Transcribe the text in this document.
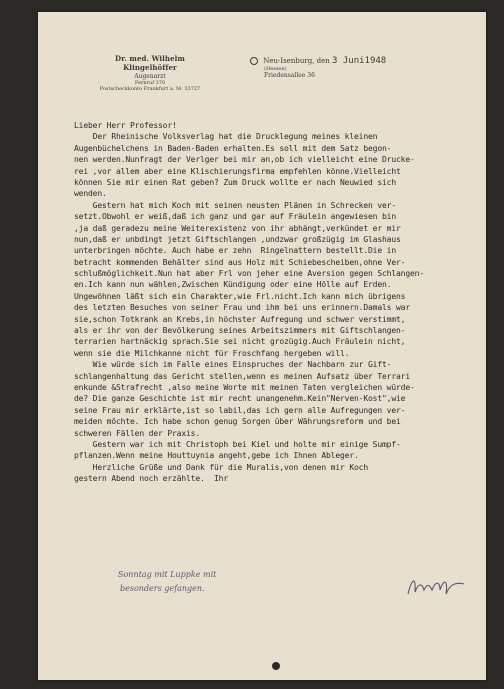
Dr. med. Wilhelm Klingelhöffer
Augenarzt
Fernruf 370
Postscheckkonto Frankfurt a. M. 33727
Neu-Isenburg, den 3 Juni1948
(Hessen)
Friedensallee 36
Lieber Herr Professor!
Der Rheinische Volksverlag hat die Drucklegung meines kleinen
Augenbüchelchens in Baden-Baden erhalten.Es soll mit dem Satz begon-
nen werden.Nunfragt der Verlger bei mir an,ob ich vielleicht eine Drucke-
rei ,vor allem aber eine Klischierungsfirma empfehlen könne.Vielleicht
können Sie mir einen Rat geben? Zum Druck wollte er nach Neuwied sich
wenden.
Gestern hat mich Koch mit seinen neusten Plänen in Schrecken ver-
setzt.Obwohl er weiß,daß ich ganz und gar auf Fräulein angewiesen bin
,ja daß geradezu meine Weiterexistenz von ihr abhängt,verkündet er mir
nun,daß er unbdingt jetzt Giftschlangen ,undzwar großzügig im Glashaus
unterbringen möchte. Auch habe er zehn  Ringelnattern bestellt.Die in
betracht kommenden Behälter sind aus Holz mit Schiebescheiben,ohne Ver-
schlußmöglichkeit.Nun hat aber Frl von jeher eine Aversion gegen Schlangen-
en.Ich kann nun wählen,Zwischen Kündigung oder eine Hölle auf Erden.
Ungewöhnen läßt sich ein Charakter,wie Frl.nicht.Ich kann mich übrigens
des letzten Besuches von seiner Frau und ihm bei uns erinnern.Damals war
sie,schon Totkrank an Krebs,in höchster Aufregung und schwer verstimmt,
als er ihr von der Bevölkerung seines Arbeitszimmers mit Giftschlangen-
terrarien hartnäckig sprach.Sie sei nicht grozügig.Auch Fräulein nicht,
wenn sie die Milchkanne nicht für Froschfang hergeben will.
Wie würde sich im Falle eines Einspruches der Nachbarn zur Gift-
schlangenhaltung das Gericht stellen,wenn es meinen Aufsatz über Terrari
enkunde &Strafrecht ,also meine Worte mit meinen Taten vergleichen würde-
de? Die ganze Geschichte ist mir recht unangenehm.Kein"Nerven-Kost",wie
seine Frau mir erklärte,ist so labil,das ich gern alle Aufregungen ver-
meiden möchte. Ich habe schon genug Sorgen über Währungsreform und bei
schweren Fällen der Praxis.
Gestern war ich mit Christoph bei Kiel und holte mir einige Sumpf-
pflanzen.Wenn meine Houttuynia angeht,gebe ich Ihnen Ableger.
Herzliche Grüße und Dank für die Muralis,von denen mir Koch
gestern Abend noch erzählte.  Ihr
Sonntag mit Luppke mit
besonders gefangen.
